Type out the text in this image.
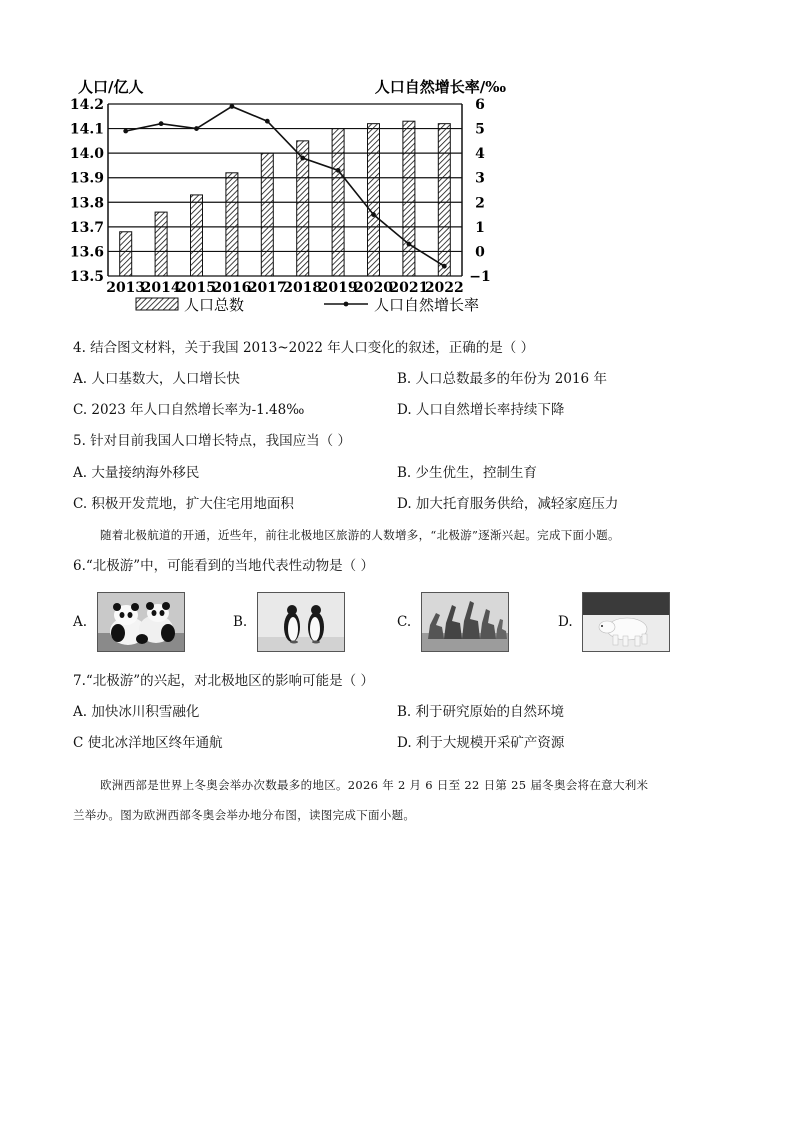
13.5
13.6
13.7
13.8
13.9
14.0
14.1
14.2
−1
0
1
2
3
4
5
6
人口/亿人	人口自然增长率/‰
2013
2014
2015
2016
2017
2018
2019
2020
2021
2022
人口总数	人口自然增长率
4. 结合图文材料，关于我国 2013~2022 年人口变化的叙述，正确的是（ ）
A. 人口基数大，人口增长快	B. 人口总数最多的年份为 2016 年
C. 2023 年人口自然增长率为-1.48‰	D. 人口自然增长率持续下降
5. 针对目前我国人口增长特点，我国应当（ ）
A. 大量接纳海外移民	B. 少生优生，控制生育
C. 积极开发荒地，扩大住宅用地面积	D. 加大托育服务供给，减轻家庭压力
随着北极航道的开通，近些年，前往北极地区旅游的人数增多，“北极游”逐渐兴起。完成下面小题。
6.“北极游”中，可能看到的当地代表性动物是（ ）
A.	B.	C.	D.
7.“北极游”的兴起，对北极地区的影响可能是（ ）
A. 加快冰川积雪融化	B. 利于研究原始的自然环境
C 使北冰洋地区终年通航	D. 利于大规模开采矿产资源
欧洲西部是世界上冬奥会举办次数最多的地区。2026 年 2 月 6 日至 22 日第 25 届冬奥会将在意大利米
兰举办。图为欧洲西部冬奥会举办地分布图，读图完成下面小题。
